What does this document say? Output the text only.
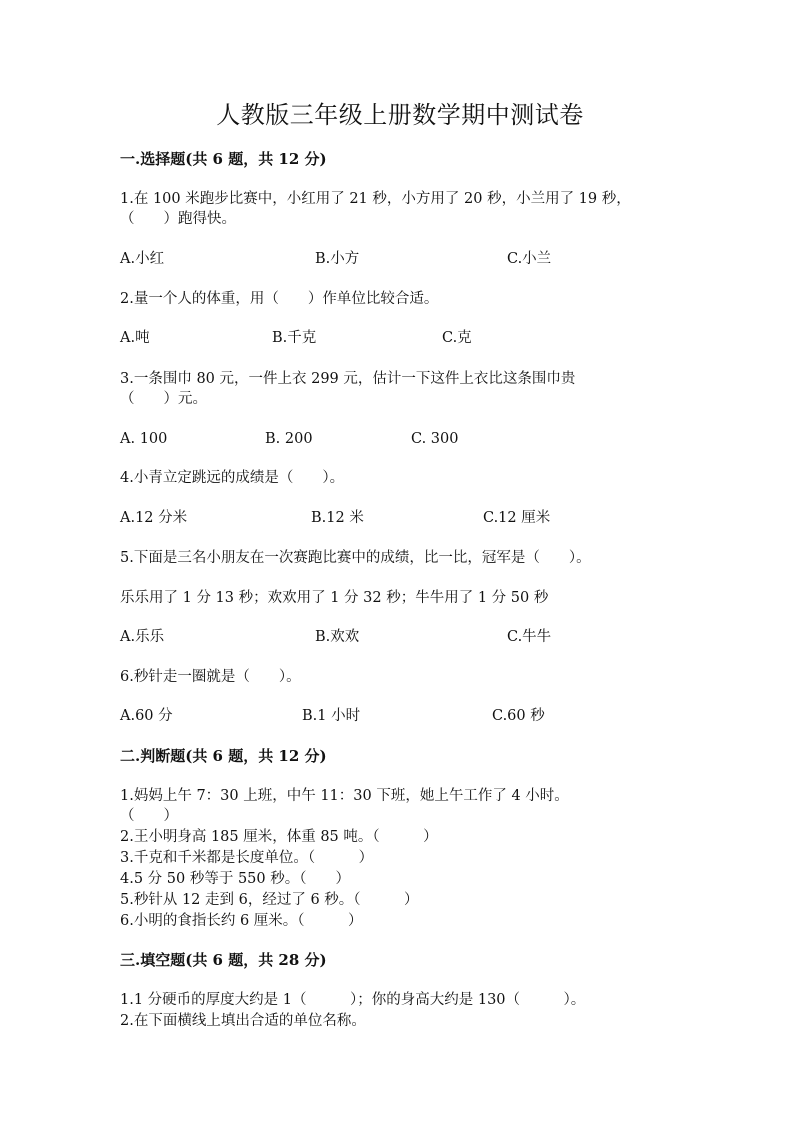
人教版三年级上册数学期中测试卷
一.选择题(共 6 题，共 12 分)
1.在 100 米跑步比赛中，小红用了 21 秒，小方用了 20 秒，小兰用了 19 秒，
（　　）跑得快。
A.小红	B.小方	C.小兰
2.量一个人的体重，用（　　）作单位比较合适。
A.吨	B.千克	C.克
3.一条围巾 80 元，一件上衣 299 元，估计一下这件上衣比这条围巾贵
（　　）元。
A. 100	B. 200	C. 300
4.小青立定跳远的成绩是（　　）。
A.12 分米	B.12 米	C.12 厘米
5.下面是三名小朋友在一次赛跑比赛中的成绩，比一比，冠军是（　　）。
乐乐用了 1 分 13 秒；欢欢用了 1 分 32 秒；牛牛用了 1 分 50 秒
A.乐乐	B.欢欢	C.牛牛
6.秒针走一圈就是（　　）。
A.60 分	B.1 小时	C.60 秒
二.判断题(共 6 题，共 12 分)
1.妈妈上午 7：30 上班，中午 11：30 下班，她上午工作了 4 小时。
（　　）
2.王小明身高 185 厘米，体重 85 吨。（　　　）
3.千克和千米都是长度单位。（　　　）
4.5 分 50 秒等于 550 秒。（　　）
5.秒针从 12 走到 6，经过了 6 秒。（　　　）
6.小明的食指长约 6 厘米。（　　　）
三.填空题(共 6 题，共 28 分)
1.1 分硬币的厚度大约是 1（　　　）；你的身高大约是 130（　　　）。
2.在下面横线上填出合适的单位名称。
